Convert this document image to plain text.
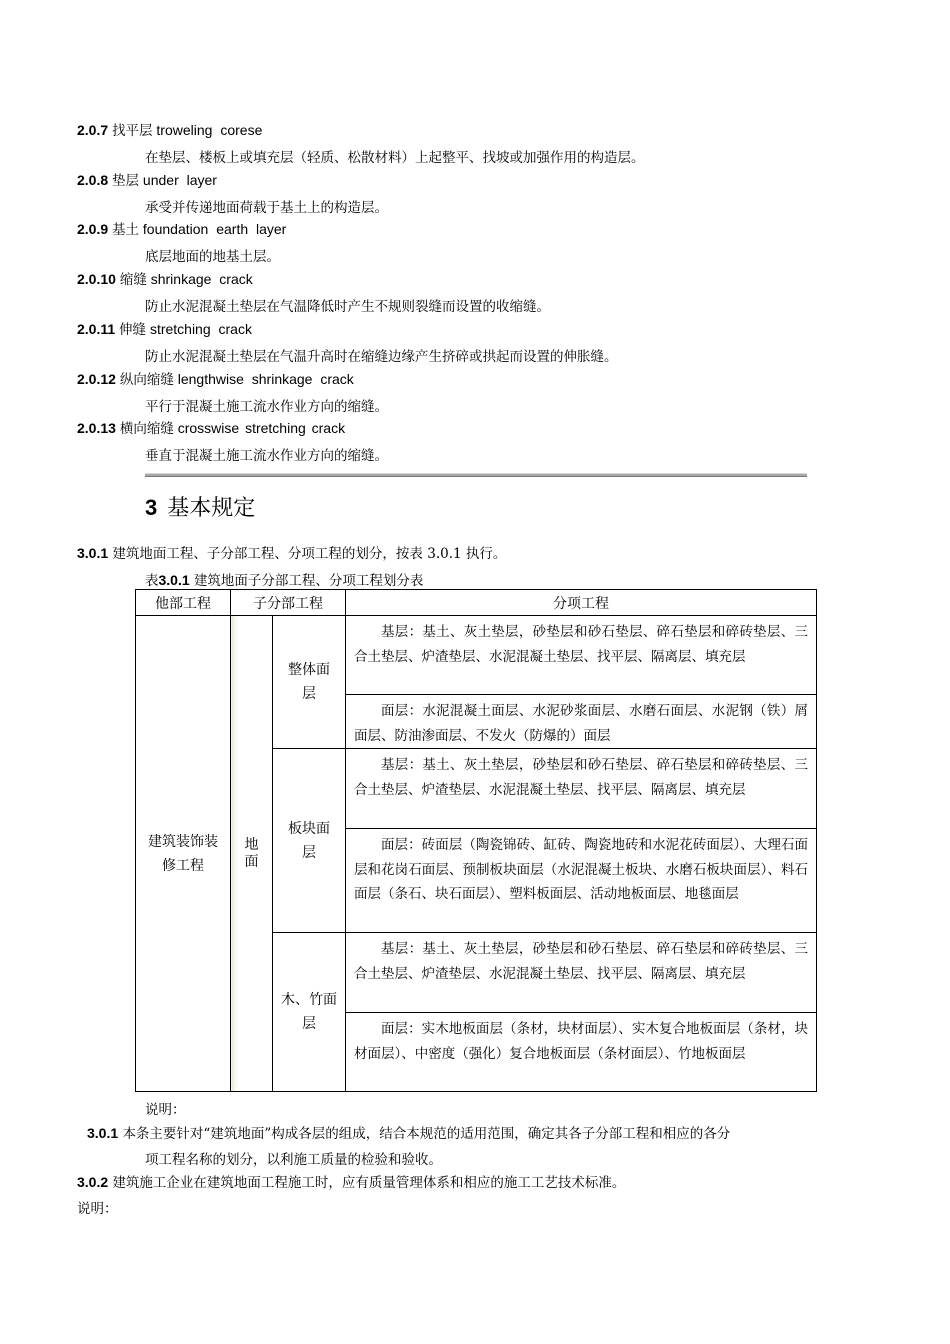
2.0.7 找平层 troweling corese
在垫层、楼板上或填充层（轻质、松散材料）上起整平、找坡或加强作用的构造层。
2.0.8 垫层 under layer
承受并传递地面荷载于基土上的构造层。
2.0.9 基土 foundation earth layer
底层地面的地基土层。
2.0.10 缩缝 shrinkage crack
防止水泥混凝土垫层在气温降低时产生不规则裂缝而设置的收缩缝。
2.0.11 伸缝 stretching crack
防止水泥混凝土垫层在气温升高时在缩缝边缘产生挤碎或拱起而设置的伸胀缝。
2.0.12 纵向缩缝 lengthwise shrinkage crack
平行于混凝土施工流水作业方向的缩缝。
2.0.13 横向缩缝 crosswise stretching crack
垂直于混凝土施工流水作业方向的缩缝。
3 基本规定
3.0.1 建筑地面工程、子分部工程、分项工程的划分，按表 3.0.1 执行。
表3.0.1 建筑地面子分部工程、分项工程划分表
他部工程	子分部工程		分项工程

建筑装饰装修工程	地面	整体面层	基层：基土、灰土垫层，砂垫层和砂石垫层、碎石垫层和碎砖垫层、三合土垫层、炉渣垫层、水泥混凝土垫层、找平层、隔离层、填充层

			面层：水泥混凝土面层、水泥砂浆面层、水磨石面层、水泥钢（铁）屑面层、防油渗面层、不发火（防爆的）面层

		板块面层	基层：基土、灰土垫层，砂垫层和砂石垫层、碎石垫层和碎砖垫层、三合土垫层、炉渣垫层、水泥混凝土垫层、找平层、隔离层、填充层

			面层：砖面层（陶瓷锦砖、缸砖、陶瓷地砖和水泥花砖面层）、大理石面层和花岗石面层、预制板块面层（水泥混凝土板块、水磨石板块面层）、料石面层（条石、块石面层）、塑料板面层、活动地板面层、地毯面层

		木、竹面层	基层：基土、灰土垫层，砂垫层和砂石垫层、碎石垫层和碎砖垫层、三合土垫层、炉渣垫层、水泥混凝土垫层、找平层、隔离层、填充层

			面层：实木地板面层（条材，块材面层）、实木复合地板面层（条材，块材面层）、中密度（强化）复合地板面层（条材面层）、竹地板面层
说明：
3.0.1 本条主要针对“建筑地面”构成各层的组成，结合本规范的适用范围，确定其各子分部工程和相应的各分
项工程名称的划分，以利施工质量的检验和验收。
3.0.2 建筑施工企业在建筑地面工程施工时，应有质量管理体系和相应的施工工艺技术标准。
说明：
